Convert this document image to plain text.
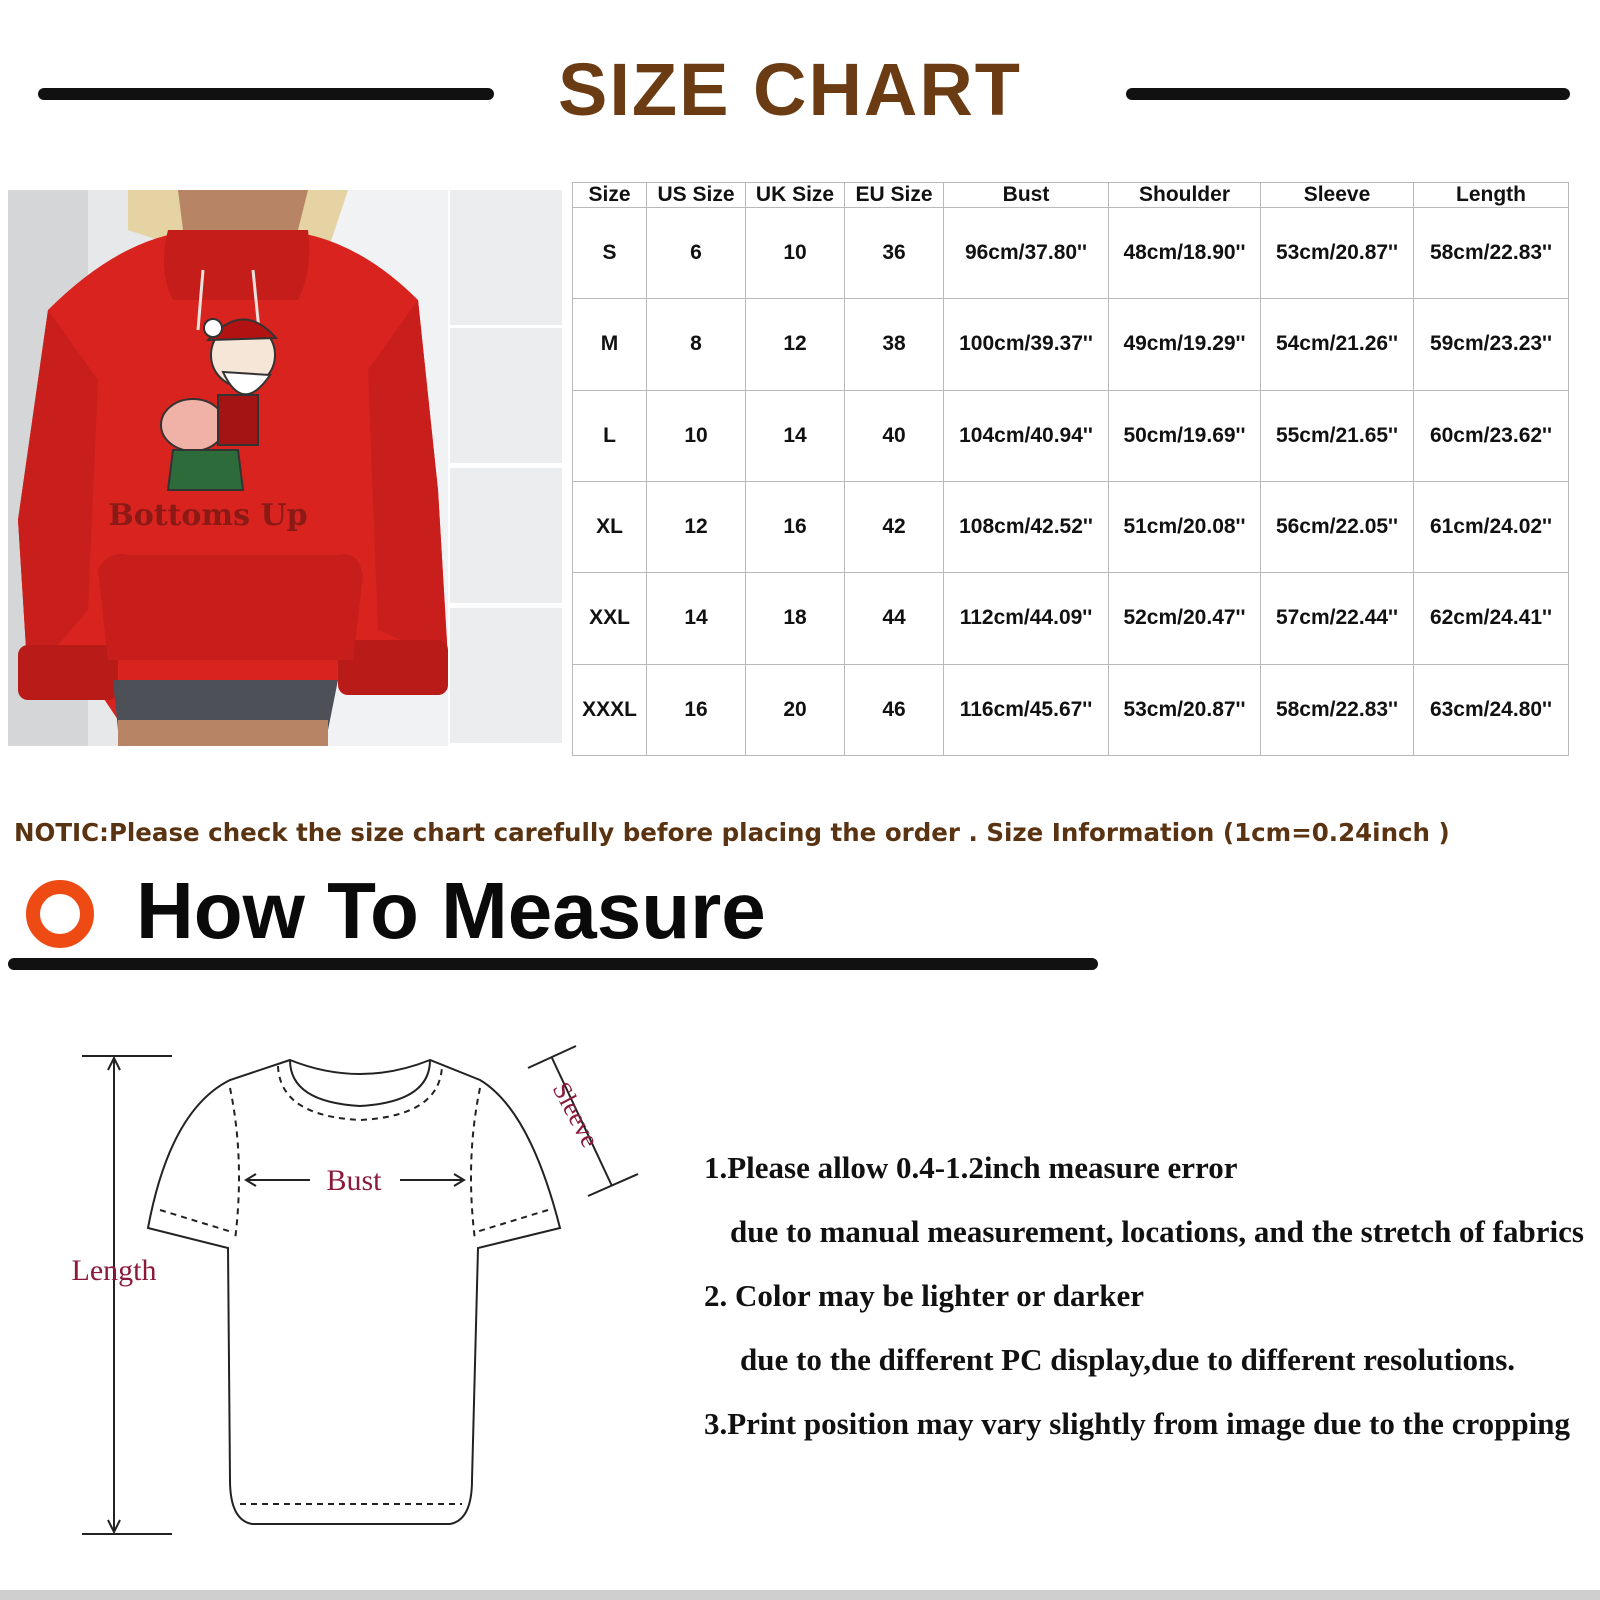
SIZE CHART
Bottoms Up
Size	US Size	UK Size	EU Size	Bust	Shoulder	Sleeve	Length
S	6	10	36	96cm/37.80''	48cm/18.90''	53cm/20.87''	58cm/22.83''
M	8	12	38	100cm/39.37''	49cm/19.29''	54cm/21.26''	59cm/23.23''
L	10	14	40	104cm/40.94''	50cm/19.69''	55cm/21.65''	60cm/23.62''
XL	12	16	42	108cm/42.52''	51cm/20.08''	56cm/22.05''	61cm/24.02''
XXL	14	18	44	112cm/44.09''	52cm/20.47''	57cm/22.44''	62cm/24.41''
XXXL	16	20	46	116cm/45.67''	53cm/20.87''	58cm/22.83''	63cm/24.80''
NOTIC:Please check the size chart carefully before placing the order . Size Information (1cm=0.24inch )
How To Measure
Bust
Length
Sleeve
1.Please allow 0.4-1.2inch measure error
due to manual measurement, locations, and the stretch of fabrics
2. Color may be lighter or darker
due to the different PC display,due to different resolutions.
3.Print position may vary slightly from image due to the cropping
